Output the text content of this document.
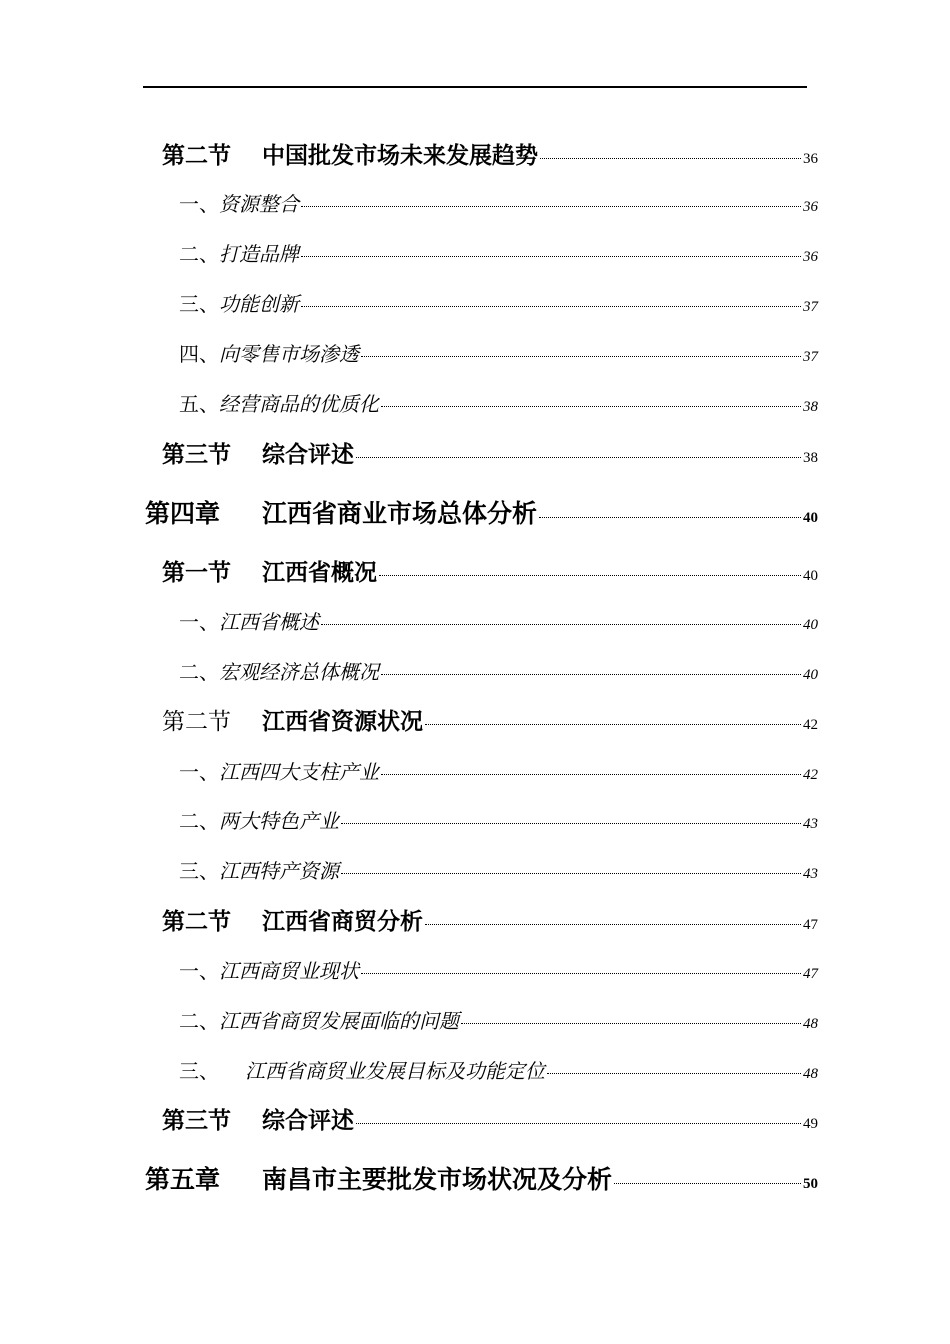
第二节	中国批发市场未来发展趋势	36
一、 资源整合	36
二、 打造品牌	36
三、 功能创新	37
四、 向零售市场渗透	37
五、 经营商品的优质化	38
第三节	综合评述	38
第四章	江西省商业市场总体分析	40
第一节	江西省概况	40
一、 江西省概述	40
二、 宏观经济总体概况	40
第二节	江西省资源状况	42
一、 江西四大支柱产业	42
二、 两大特色产业	43
三、 江西特产资源	43
第二节	江西省商贸分析	47
一、 江西商贸业现状	47
二、 江西省商贸发展面临的问题	48
三、	江西省商贸业发展目标及功能定位	48
第三节	综合评述	49
第五章	南昌市主要批发市场状况及分析	50
